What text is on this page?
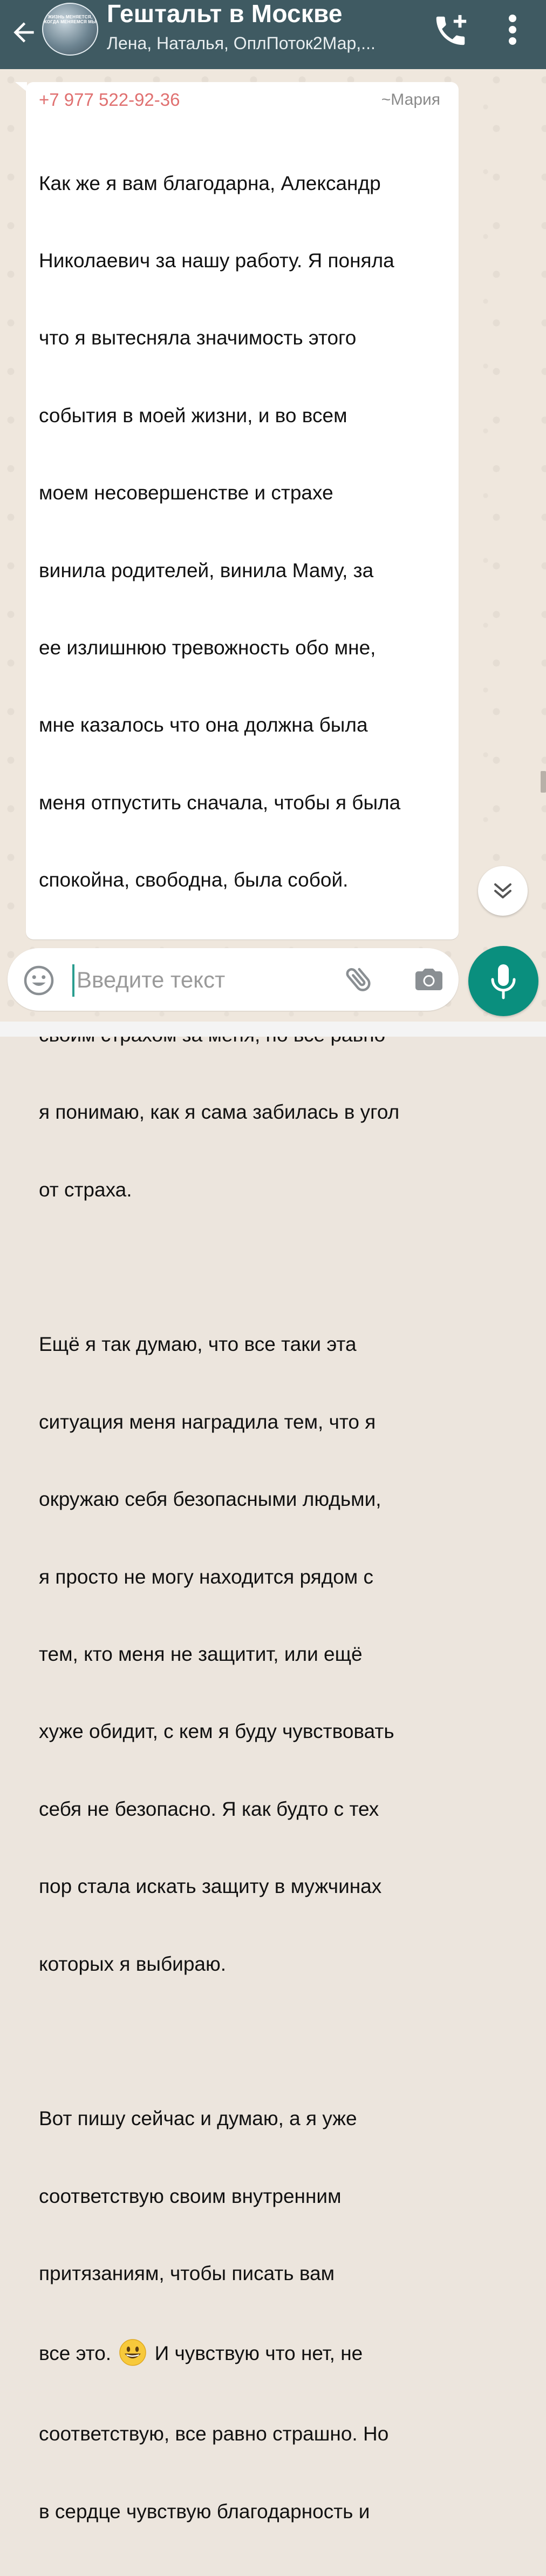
ЖИЗНЬ МЕНЯЕТСЯ, КОГДА МЕНЯЕМСЯ МЫ Гештальт в Москве
Лена, Наталья, ОплПоток2Мар,...
+7 977 522-92-36	~Мария

Как же я вам благодарна, Александр

Николаевич за нашу работу. Я поняла

что я вытесняла значимость этого

события в моей жизни, и во всем

моем несовершенстве и страхе

винила родителей, винила Маму, за

ее излишнюю тревожность обо мне,

мне казалось что она должна была

меня отпустить сначала, чтобы я была

спокойна, свободна, была собой.

я понимаю, как я сама забилась в угол

от страха.

Ещё я так думаю, что все таки эта

ситуация меня наградила тем, что я

окружаю себя безопасными людьми,

я просто не могу находится рядом с

тем, кто меня не защитит, или ещё

хуже обидит, с кем я буду чувствовать

себя не безопасно. Я как будто с тех

пор стала искать защиту в мужчинах

которых я выбираю.

Вот пишу сейчас и думаю, а я уже

соответствую своим внутренним

притязаниям, чтобы писать вам

все это. И чувствую что нет, не

соответствую, все равно страшно. Но

в сердце чувствую благодарность и

Введите текст
